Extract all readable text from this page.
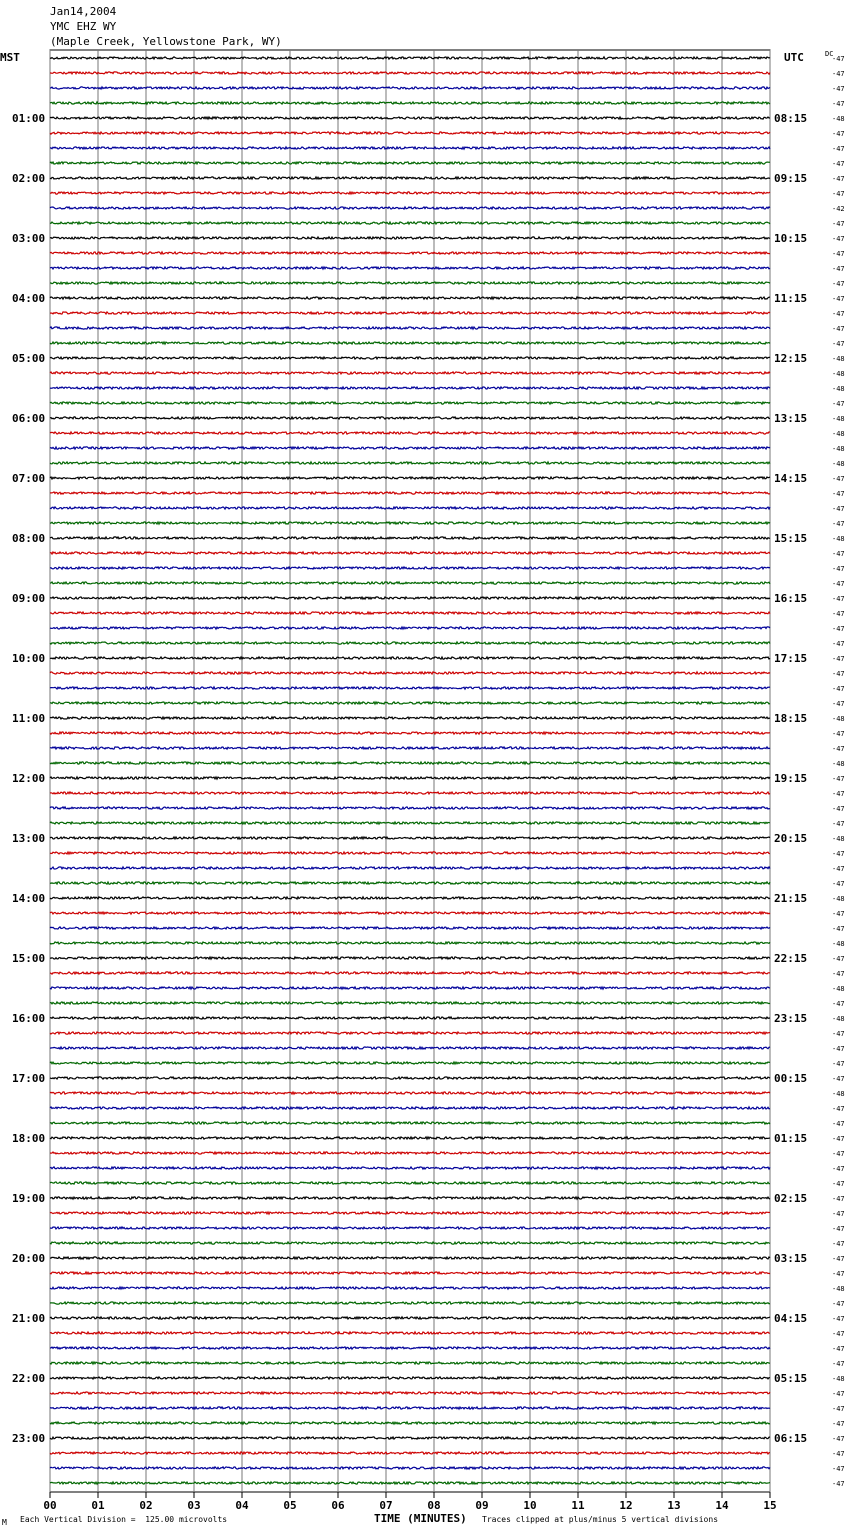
Jan14,2004
YMC EHZ WY
(Maple Creek, Yellowstone Park, WY)
MST	UTC	DC
00	01	02	03	04	05	06	07	08	09	10	11	12	13	14	15
-47
-47
-47
-47
-48
01:00	08:15
-47
-47
-47
-47
02:00	09:15
-47
-42
-47
-47
03:00	10:15
-47
-47
-47
-47
04:00	11:15
-47
-47
-47
-48
05:00	12:15
-48
-48
-47
-48
06:00	13:15
-48
-48
-48
-47
07:00	14:15
-47
-47
-47
-48
08:00	15:15
-47
-47
-47
-47
09:00	16:15
-47
-47
-47
-47
10:00	17:15
-47
-47
-47
-48
11:00	18:15
-47
-47
-48
-47
12:00	19:15
-47
-47
-47
-48
13:00	20:15
-47
-47
-47
-48
14:00	21:15
-47
-47
-48
-47
15:00	22:15
-47
-48
-47
-48
16:00	23:15
-47
-47
-47
-47
17:00	00:15
-48
-47
-47
-47
18:00	01:15
-47
-47
-47
-47
19:00	02:15
-47
-47
-47
-47
20:00	03:15
-47
-48
-47
-47
21:00	04:15
-47
-47
-47
-48
22:00	05:15
-47
-47
-47
-47
23:00	06:15
-47
-47
-47
M Each Vertical Division =  125.00 microvolts	TIME (MINUTES) Traces clipped at plus/minus 5 vertical divisions
